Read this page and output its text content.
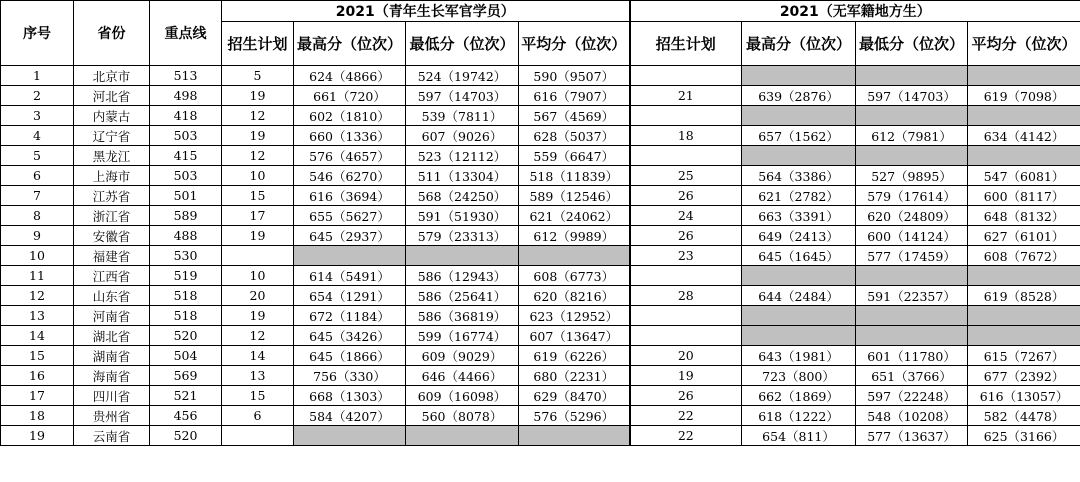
序号	省份	重点线	2021（青年生长军官学员）				2021（无军籍地方生）			
			招生计划	最高分（位次）	最低分（位次）	平均分（位次）	招生计划	最高分（位次）	最低分（位次）	平均分（位次）
1	北京市	513	5	624（4866）	524（19742）	590（9507）				
2	河北省	498	19	661（720）	597（14703）	616（7907）	21	639（2876）	597（14703）	619（7098）
3	内蒙古	418	12	602（1810）	539（7811）	567（4569）				
4	辽宁省	503	19	660（1336）	607（9026）	628（5037）	18	657（1562）	612（7981）	634（4142）
5	黑龙江	415	12	576（4657）	523（12112）	559（6647）				
6	上海市	503	10	546（6270）	511（13304）	518（11839）	25	564（3386）	527（9895）	547（6081）
7	江苏省	501	15	616（3694）	568（24250）	589（12546）	26	621（2782）	579（17614）	600（8117）
8	浙江省	589	17	655（5627）	591（51930）	621（24062）	24	663（3391）	620（24809）	648（8132）
9	安徽省	488	19	645（2937）	579（23313）	612（9989）	26	649（2413）	600（14124）	627（6101）
10	福建省	530					23	645（1645）	577（17459）	608（7672）
11	江西省	519	10	614（5491）	586（12943）	608（6773）				
12	山东省	518	20	654（1291）	586（25641）	620（8216）	28	644（2484）	591（22357）	619（8528）
13	河南省	518	19	672（1184）	586（36819）	623（12952）				
14	湖北省	520	12	645（3426）	599（16774）	607（13647）				
15	湖南省	504	14	645（1866）	609（9029）	619（6226）	20	643（1981）	601（11780）	615（7267）
16	海南省	569	13	756（330）	646（4466）	680（2231）	19	723（800）	651（3766）	677（2392）
17	四川省	521	15	668（1303）	609（16098）	629（8470）	26	662（1869）	597（22248）	616（13057）
18	贵州省	456	6	584（4207）	560（8078）	576（5296）	22	618（1222）	548（10208）	582（4478）
19	云南省	520					22	654（811）	577（13637）	625（3166）
